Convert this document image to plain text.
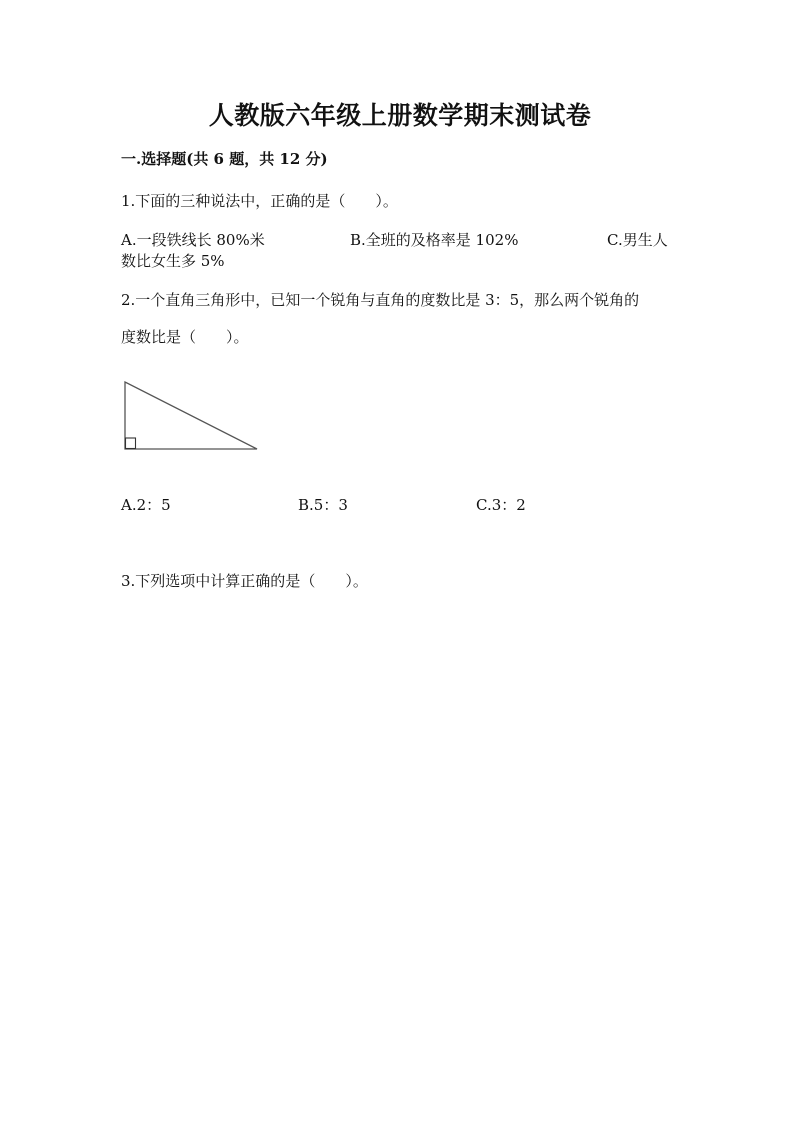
人教版六年级上册数学期末测试卷
一.选择题(共 6 题，共 12 分)
1.下面的三种说法中，正确的是（　　）。
A.一段铁线长 80%米	B.全班的及格率是 102%	C.男生人
数比女生多 5%
2.一个直角三角形中，已知一个锐角与直角的度数比是 3：5，那么两个锐角的
度数比是（　　）。
A.2：5	B.5：3	C.3：2
3.下列选项中计算正确的是（　　）。
